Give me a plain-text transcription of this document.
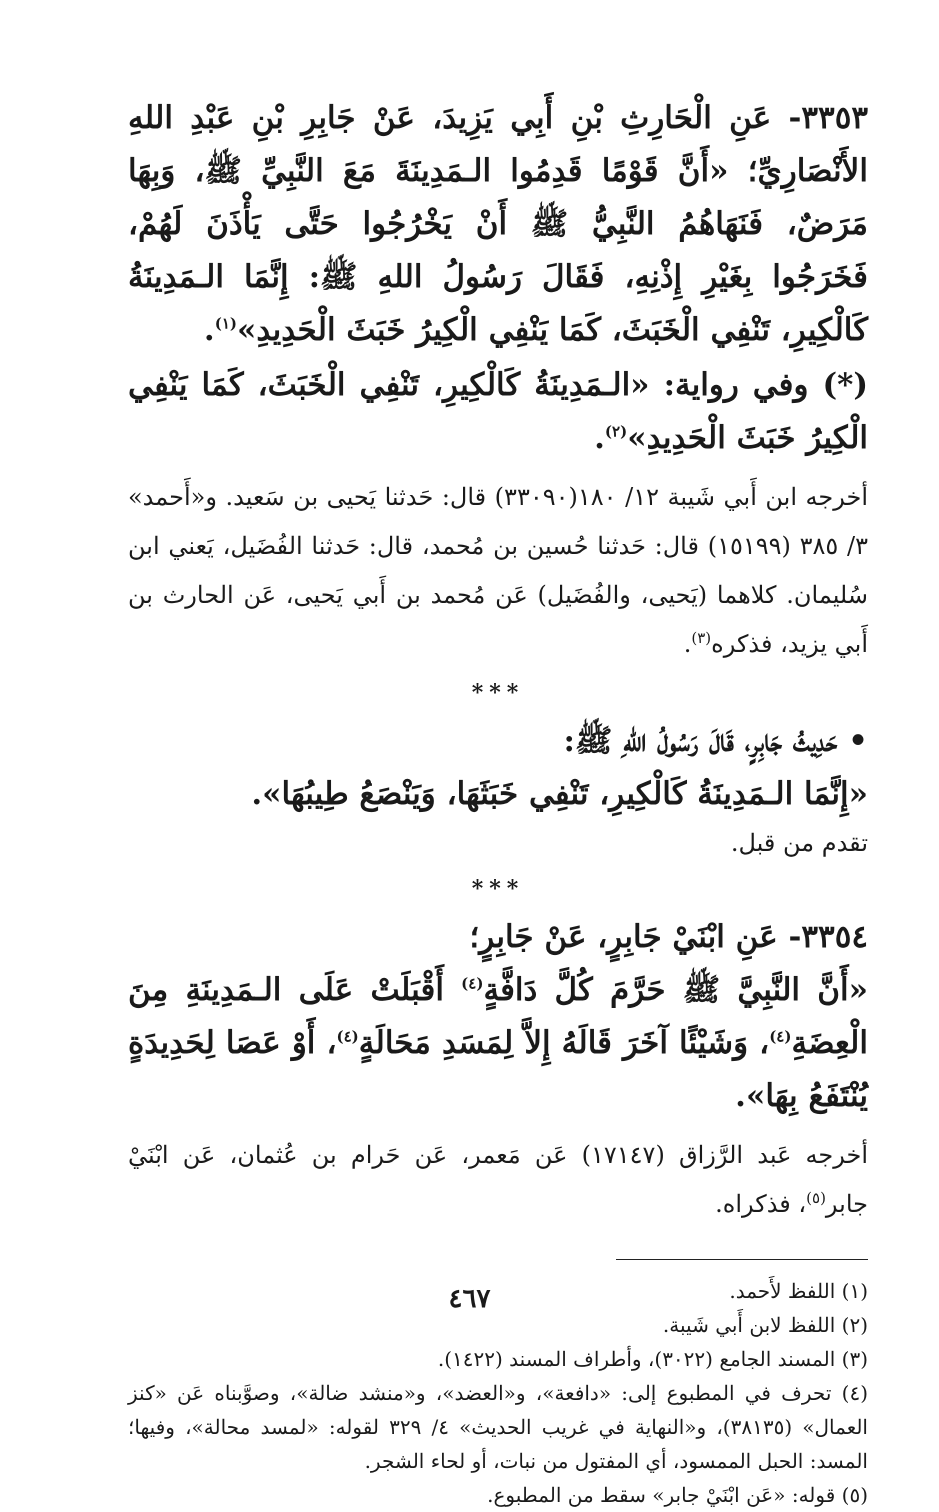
٣٣٥٣- عَنِ الْحَارِثِ بْنِ أَبِي يَزِيدَ، عَنْ جَابِرِ بْنِ عَبْدِ اللهِ الأَنْصَارِيِّ؛ «أَنَّ قَوْمًا قَدِمُوا الـمَدِينَةَ مَعَ النَّبِيِّ ﷺ، وَبِهَا مَرَضٌ، فَنَهَاهُمُ النَّبِيُّ ﷺ أَنْ يَخْرُجُوا حَتَّى يَأْذَنَ لَهُمْ، فَخَرَجُوا بِغَيْرِ إِذْنِهِ، فَقَالَ رَسُولُ اللهِ ﷺ: إِنَّمَا الـمَدِينَةُ كَالْكِيرِ، تَنْفِي الْخَبَثَ، كَمَا يَنْفِي الْكِيرُ خَبَثَ الْحَدِيدِ»$^{(١)}$.

(*) وفي رواية: «الـمَدِينَةُ كَالْكِيرِ، تَنْفِي الْخَبَثَ، كَمَا يَنْفِي الْكِيرُ خَبَثَ الْحَدِيدِ»$^{(٢)}$.

أخرجه ابن أَبي شَيبة ١٢/ ١٨٠(٣٣٠٩٠) قال: حَدثنا يَحيى بن سَعيد. و«أَحمد» ٣/ ٣٨٥ (١٥١٩٩) قال: حَدثنا حُسين بن مُحمد، قال: حَدثنا الفُضَيل، يَعني ابن سُليمان. كلاهما (يَحيى، والفُضَيل) عَن مُحمد بن أَبي يَحيى، عَن الحارث بن أَبي يزيد، فذكره$^{(٣)}$.

***

• حَدِيثُ جَابِرٍ، قَالَ رَسُولُ اللهِ ﷺ:

«إِنَّمَا الـمَدِينَةُ كَالْكِيرِ، تَنْفِي خَبَثَهَا، وَيَنْصَعُ طِيبُهَا».

تقدم من قبل.

***

٣٣٥٤- عَنِ ابْنَيْ جَابِرٍ، عَنْ جَابِرٍ؛

«أَنَّ النَّبِيَّ ﷺ حَرَّمَ كُلَّ دَافَّةٍ$^{(٤)}$ أَقْبَلَتْ عَلَى الـمَدِينَةِ مِنَ الْعِضَةِ$^{(٤)}$، وَشَيْئًا آخَرَ قَالَهُ إِلاَّ لِمَسَدِ مَحَالَةٍ$^{(٤)}$، أَوْ عَصَا لِحَدِيدَةٍ يُنْتَفَعُ بِهَا».

أخرجه عَبد الرَّزاق (١٧١٤٧) عَن مَعمر، عَن حَرام بن عُثمان، عَن ابْنَيْ جابر$^{(٥)}$، فذكراه.

(١) اللفظ لأَحمد.

(٢) اللفظ لابن أَبي شَيبة.

(٣) المسند الجامع (٣٠٢٢)، وأطراف المسند (١٤٢٢).

(٤) تحرف في المطبوع إلى: «دافعة»، و«العضد»، و«منشد ضالة»، وصوَّبناه عَن «كنز العمال» (٣٨١٣٥)، و«النهاية في غريب الحديث» ٤/ ٣٢٩ لقوله: «لمسد محالة»، وفيها؛ المسد: الحبل الممسود، أي المفتول من نبات، أو لحاء الشجر.

(٥) قوله: «عَن ابْنَيْ جابر» سقط من المطبوع.

٤٦٧
